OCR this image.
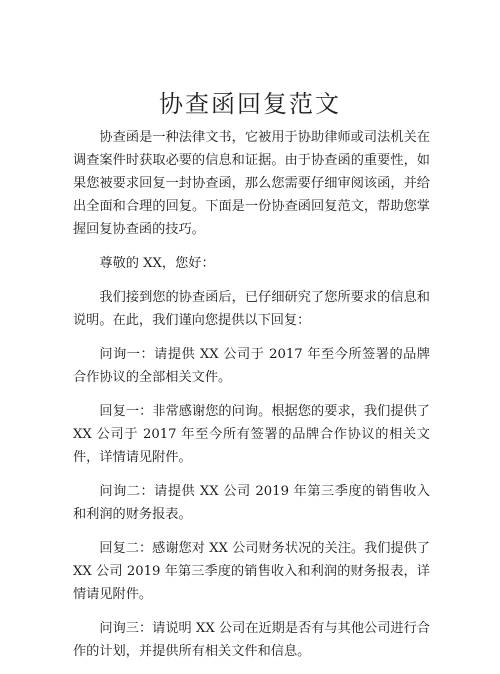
协查函回复范文

协查函是一种法律文书，它被用于协助律师或司法机关在调查案件时获取必要的信息和证据。由于协查函的重要性，如果您被要求回复一封协查函，那么您需要仔细审阅该函，并给出全面和合理的回复。下面是一份协查函回复范文，帮助您掌握回复协查函的技巧。

尊敬的 XX，您好：

我们接到您的协查函后，已仔细研究了您所要求的信息和说明。在此，我们谨向您提供以下回复：

问询一：请提供 XX 公司于 2017 年至今所签署的品牌合作协议的全部相关文件。

回复一：非常感谢您的问询。根据您的要求，我们提供了 XX 公司于 2017 年至今所有签署的品牌合作协议的相关文件，详情请见附件。

问询二：请提供 XX 公司 2019 年第三季度的销售收入和利润的财务报表。

回复二：感谢您对 XX 公司财务状况的关注。我们提供了 XX 公司 2019 年第三季度的销售收入和利润的财务报表，详情请见附件。

问询三：请说明 XX 公司在近期是否有与其他公司进行合作的计划，并提供所有相关文件和信息。
